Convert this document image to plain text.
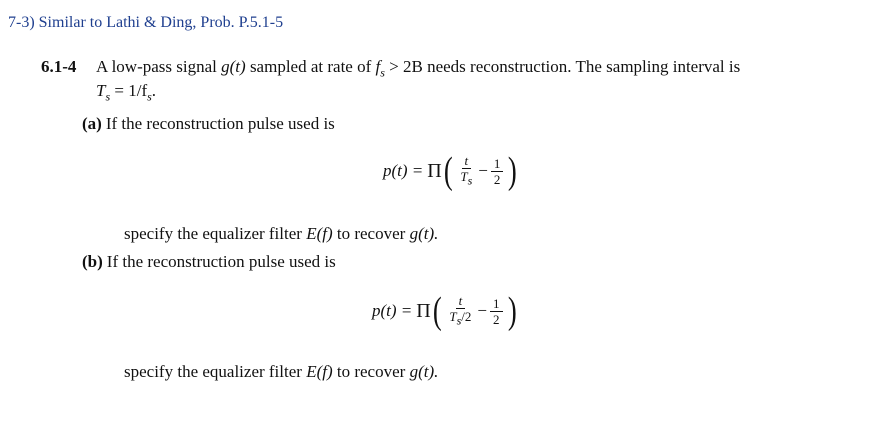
7-3) Similar to Lathi & Ding, Prob. P.5.1-5
6.1-4 A low-pass signal g(t) sampled at rate of $f_s > 2B$ needs reconstruction. The sampling interval is
$T_s = 1/f_s$.
(a) If the reconstruction pulse used is
p(t) = Π ( $\frac{t}{T_s} - \frac{1}{2}$ )
specify the equalizer filter E(f) to recover g(t).
(b) If the reconstruction pulse used is
p(t) = Π ( $\frac{t}{T_s/2} - \frac{1}{2}$ )
specify the equalizer filter E(f) to recover g(t).
